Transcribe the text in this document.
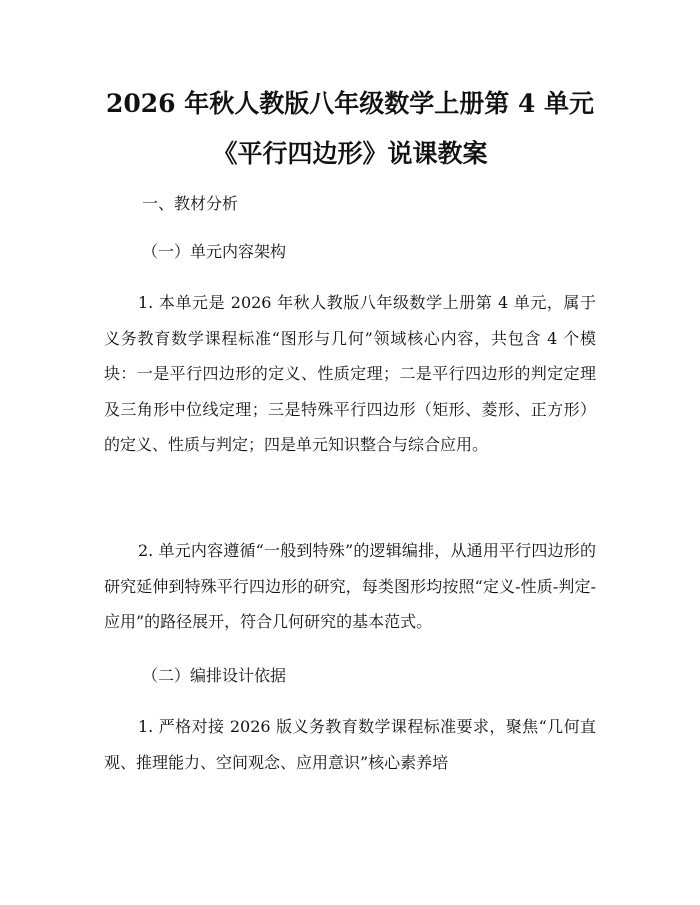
2026 年秋人教版八年级数学上册第 4 单元
《平行四边形》说课教案

一、教材分析

（一）单元内容架构

1. 本单元是 2026 年秋人教版八年级数学上册第 4 单元，属于义务教育数学课程标准“图形与几何”领域核心内容，共包含 4 个模块：一是平行四边形的定义、性质定理；二是平行四边形的判定定理及三角形中位线定理；三是特殊平行四边形（矩形、菱形、正方形）的定义、性质与判定；四是单元知识整合与综合应用。

2. 单元内容遵循“一般到特殊”的逻辑编排，从通用平行四边形的研究延伸到特殊平行四边形的研究，每类图形均按照“定义-性质-判定-应用”的路径展开，符合几何研究的基本范式。

（二）编排设计依据

1. 严格对接 2026 版义务教育数学课程标准要求，聚焦“几何直观、推理能力、空间观念、应用意识”核心素养培
